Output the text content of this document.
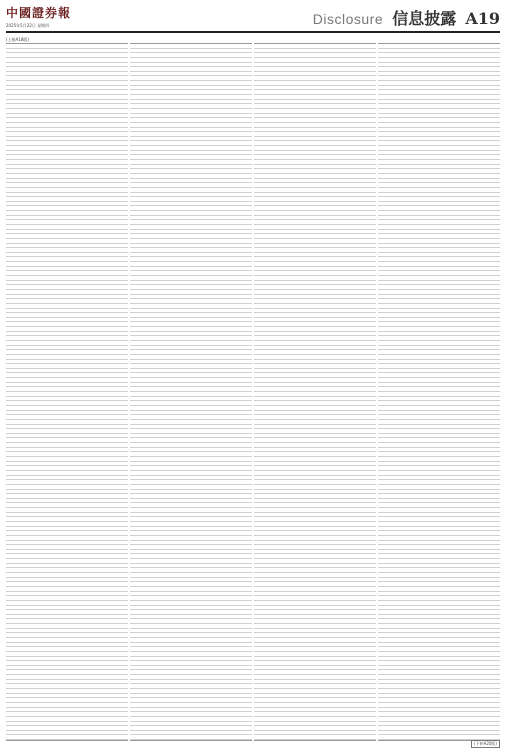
中國證券報
2025年5月22日 星期四	Disclosure 信息披露 A19
(上接A18版)

(下转A20版)
